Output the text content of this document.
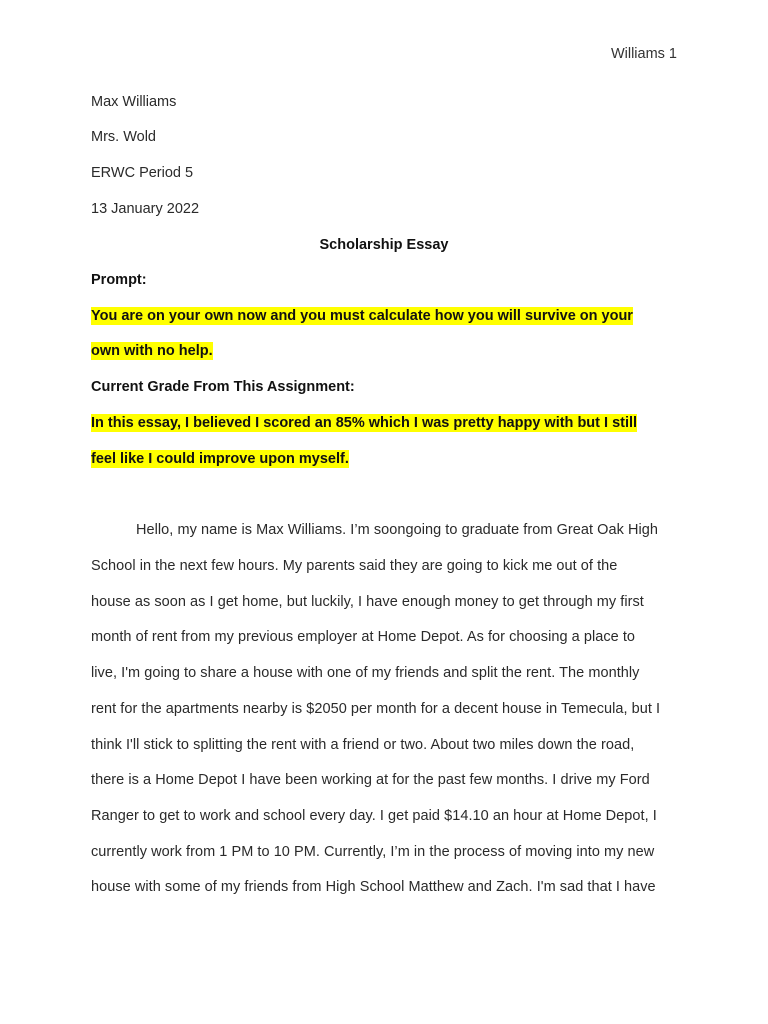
Williams 1
Max Williams
Mrs. Wold
ERWC Period 5
13 January 2022
Scholarship Essay
Prompt:
You are on your own now and you must calculate how you will survive on your
own with no help.
Current Grade From This Assignment:
In this essay, I believed I scored an 85% which I was pretty happy with but I still
feel like I could improve upon myself.
Hello, my name is Max Williams. I’m soongoing to graduate from Great Oak High
School in the next few hours. My parents said they are going to kick me out of the
house as soon as I get home, but luckily, I have enough money to get through my first
month of rent from my previous employer at Home Depot. As for choosing a place to
live, I'm going to share a house with one of my friends and split the rent. The monthly
rent for the apartments nearby is $2050 per month for a decent house in Temecula, but I
think I'll stick to splitting the rent with a friend or two. About two miles down the road,
there is a Home Depot I have been working at for the past few months. I drive my Ford
Ranger to get to work and school every day. I get paid $14.10 an hour at Home Depot, I
currently work from 1 PM to 10 PM. Currently, I’m in the process of moving into my new
house with some of my friends from High School Matthew and Zach. I'm sad that I have
